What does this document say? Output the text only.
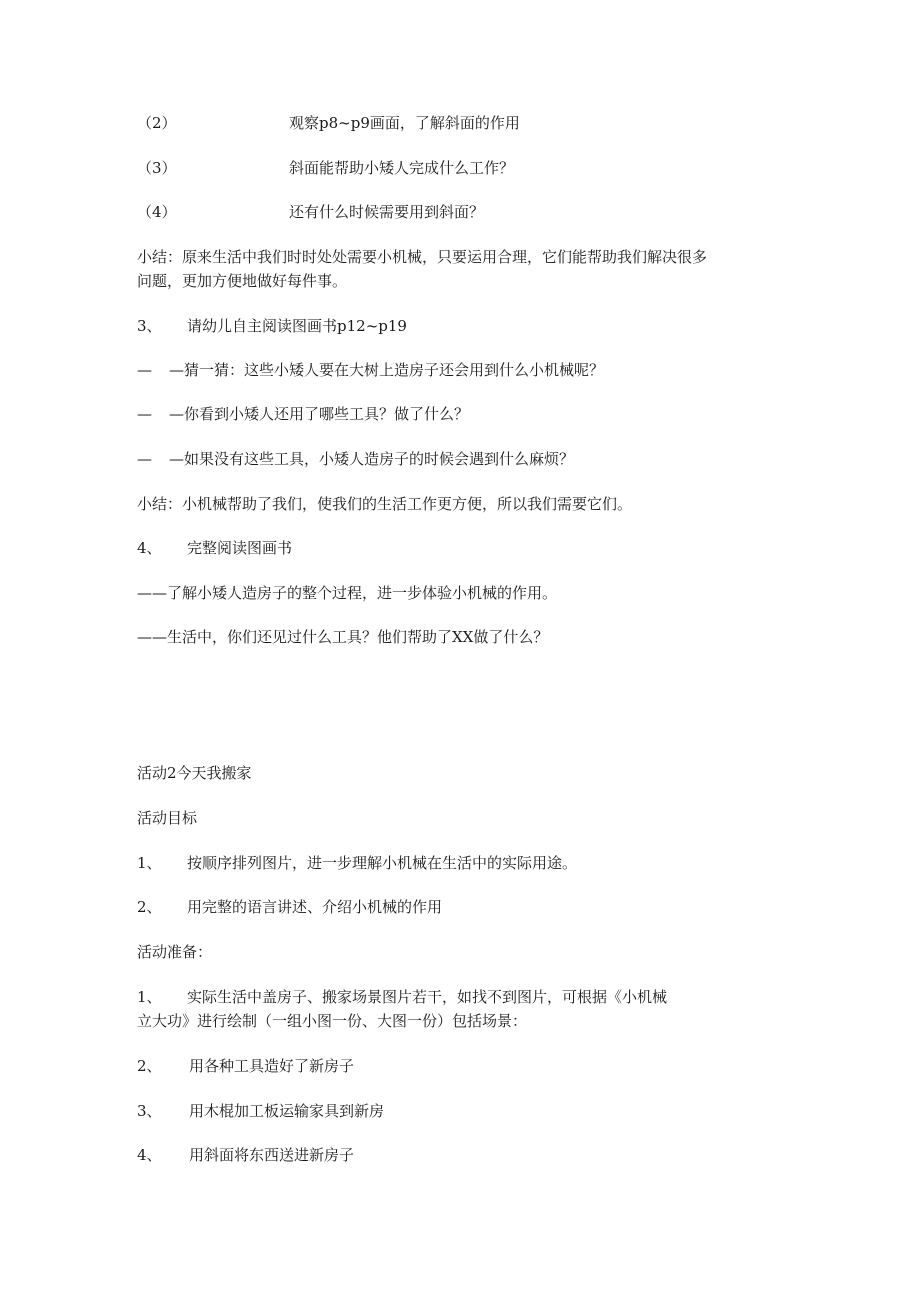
（2）	观察p8~p9画面，了解斜面的作用
（3）	斜面能帮助小矮人完成什么工作？
（4）	还有什么时候需要用到斜面？
小结：原来生活中我们时时处处需要小机械，只要运用合理，它们能帮助我们解决很多
问题，更加方便地做好每件事。
3、 请幼儿自主阅读图画书p12~p19
— —猜一猜：这些小矮人要在大树上造房子还会用到什么小机械呢？
— —你看到小矮人还用了哪些工具？做了什么？
— —如果没有这些工具，小矮人造房子的时候会遇到什么麻烦？
小结：小机械帮助了我们，使我们的生活工作更方便，所以我们需要它们。
4、 完整阅读图画书
——了解小矮人造房子的整个过程，进一步体验小机械的作用。
——生活中，你们还见过什么工具？他们帮助了XX做了什么？
活动2今天我搬家
活动目标
1、 按顺序排列图片，进一步理解小机械在生活中的实际用途。
2、 用完整的语言讲述、介绍小机械的作用
活动准备：
1、 实际生活中盖房子、搬家场景图片若干，如找不到图片，可根据《小机械
立大功》进行绘制（一组小图一份、大图一份）包括场景：
2、 用各种工具造好了新房子
3、 用木棍加工板运输家具到新房
4、 用斜面将东西送进新房子
